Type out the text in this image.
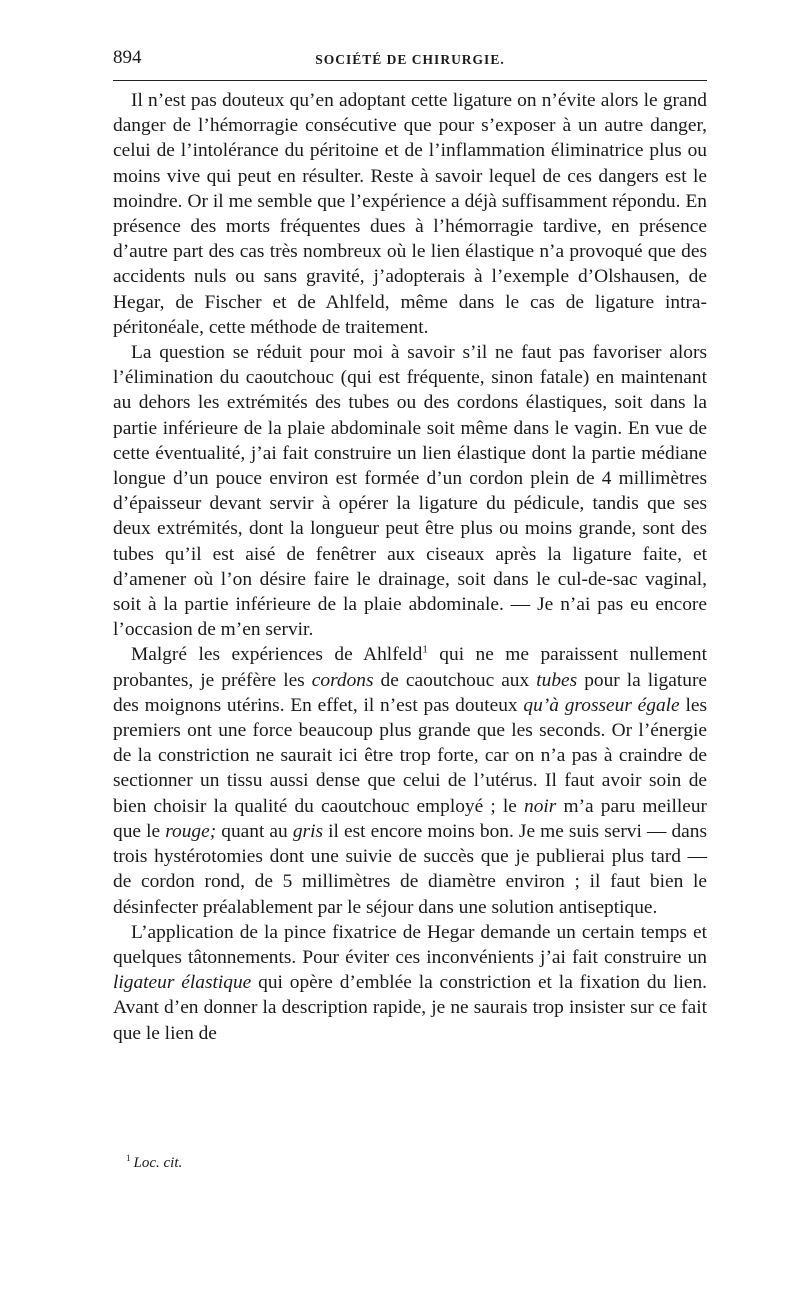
894	SOCIÉTÉ DE CHIRURGIE.

Il n’est pas douteux qu’en adoptant cette ligature on n’évite alors le grand danger de l’hémorragie consécutive que pour s’exposer à un autre danger, celui de l’intolérance du péritoine et de l’inflammation éliminatrice plus ou moins vive qui peut en résulter. Reste à savoir lequel de ces dangers est le moindre. Or il me semble que l’expérience a déjà suffisamment répondu. En présence des morts fréquentes dues à l’hémorragie tardive, en présence d’autre part des cas très nombreux où le lien élastique n’a provoqué que des accidents nuls ou sans gravité, j’adopterais à l’exemple d’Olshausen, de Hegar, de Fischer et de Ahlfeld, même dans le cas de ligature intra-péritonéale, cette méthode de traitement.

La question se réduit pour moi à savoir s’il ne faut pas favoriser alors l’élimination du caoutchouc (qui est fréquente, sinon fatale) en maintenant au dehors les extrémités des tubes ou des cordons élastiques, soit dans la partie inférieure de la plaie abdominale soit même dans le vagin. En vue de cette éventualité, j’ai fait construire un lien élastique dont la partie médiane longue d’un pouce environ est formée d’un cordon plein de 4 millimètres d’épaisseur devant servir à opérer la ligature du pédicule, tandis que ses deux extrémités, dont la longueur peut être plus ou moins grande, sont des tubes qu’il est aisé de fenêtrer aux ciseaux après la ligature faite, et d’amener où l’on désire faire le drainage, soit dans le cul-de-sac vaginal, soit à la partie inférieure de la plaie abdominale. — Je n’ai pas eu encore l’occasion de m’en servir.

Malgré les expériences de Ahlfeld$^1$ qui ne me paraissent nullement probantes, je préfère les cordons de caoutchouc aux tubes pour la ligature des moignons utérins. En effet, il n’est pas douteux qu’à grosseur égale les premiers ont une force beaucoup plus grande que les seconds. Or l’énergie de la constriction ne saurait ici être trop forte, car on n’a pas à craindre de sectionner un tissu aussi dense que celui de l’utérus. Il faut avoir soin de bien choisir la qualité du caoutchouc employé ; le noir m’a paru meilleur que le rouge; quant au gris il est encore moins bon. Je me suis servi — dans trois hystérotomies dont une suivie de succès que je publierai plus tard — de cordon rond, de 5 millimètres de diamètre environ ; il faut bien le désinfecter préalablement par le séjour dans une solution antiseptique.

L’application de la pince fixatrice de Hegar demande un certain temps et quelques tâtonnements. Pour éviter ces inconvénients j’ai fait construire un ligateur élastique qui opère d’emblée la constriction et la fixation du lien. Avant d’en donner la description rapide, je ne saurais trop insister sur ce fait que le lien de

$^1$ Loc. cit.
